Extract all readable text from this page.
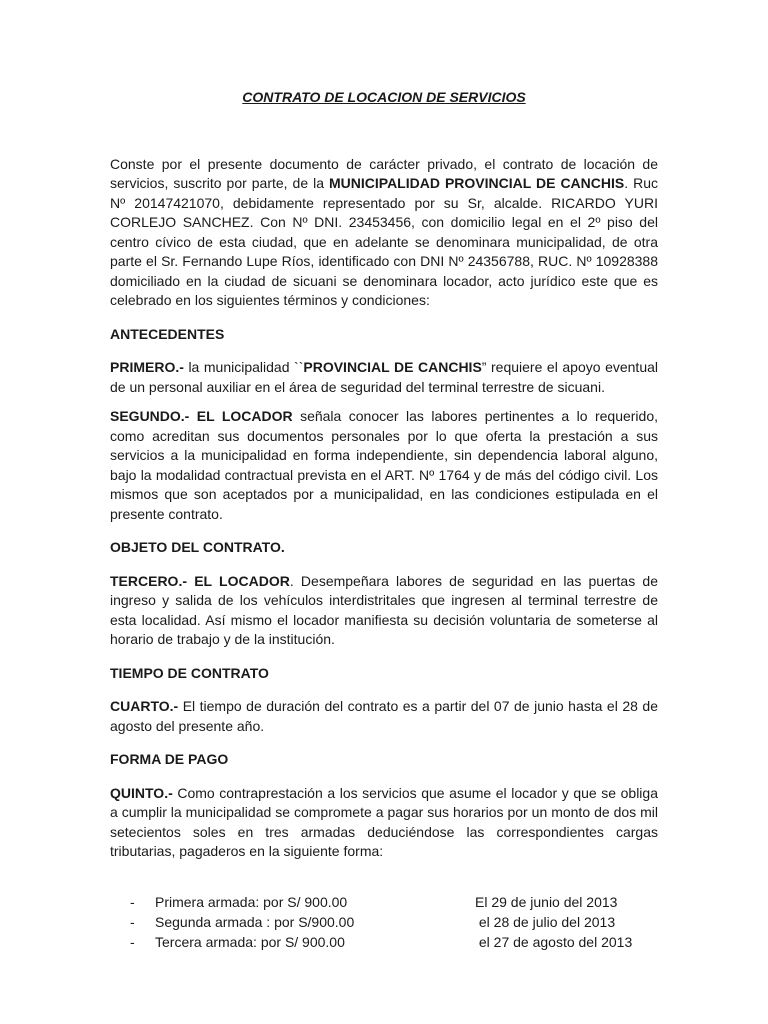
CONTRATO DE LOCACION DE SERVICIOS

Conste por el presente documento de carácter privado, el contrato de locación de servicios, suscrito por parte, de la MUNICIPALIDAD PROVINCIAL DE CANCHIS. Ruc Nº 20147421070, debidamente representado por su Sr, alcalde. RICARDO YURI CORLEJO SANCHEZ. Con Nº DNI. 23453456, con domicilio legal en el 2º piso del centro cívico de esta ciudad, que en adelante se denominara municipalidad, de otra parte el Sr. Fernando Lupe Ríos, identificado con DNI Nº 24356788, RUC. Nº 10928388 domiciliado en la ciudad de sicuani se denominara locador, acto jurídico este que es celebrado en los siguientes términos y condiciones:

ANTECEDENTES

PRIMERO.- la municipalidad ``PROVINCIAL DE CANCHIS” requiere el apoyo eventual de un personal auxiliar en el área de seguridad del terminal terrestre de sicuani.

SEGUNDO.- EL LOCADOR señala conocer las labores pertinentes a lo requerido, como acreditan sus documentos personales por lo que oferta la prestación a sus servicios a la municipalidad en forma independiente, sin dependencia laboral alguno, bajo la modalidad contractual prevista en el ART. Nº 1764 y de más del código civil. Los mismos que son aceptados por a municipalidad, en las condiciones estipulada en el presente contrato.

OBJETO DEL CONTRATO.

TERCERO.- EL LOCADOR. Desempeñara labores de seguridad en las puertas de ingreso y salida de los vehículos interdistritales que ingresen al terminal terrestre de esta localidad. Así mismo el locador manifiesta su decisión voluntaria de someterse al horario de trabajo y de la institución.

TIEMPO DE CONTRATO

CUARTO.- El tiempo de duración del contrato es a partir del 07 de junio hasta el 28 de agosto del presente año.

FORMA DE PAGO

QUINTO.- Como contraprestación a los servicios que asume el locador y que se obliga a cumplir la municipalidad se compromete a pagar sus horarios por un monto de dos mil setecientos soles en tres armadas deduciéndose las correspondientes cargas tributarias, pagaderos en la siguiente forma:

-	Primera armada: por S/ 900.00	El 29 de junio del 2013
-	Segunda armada : por S/900.00	el 28 de julio del 2013
-	Tercera armada: por S/ 900.00	el 27 de agosto del 2013
